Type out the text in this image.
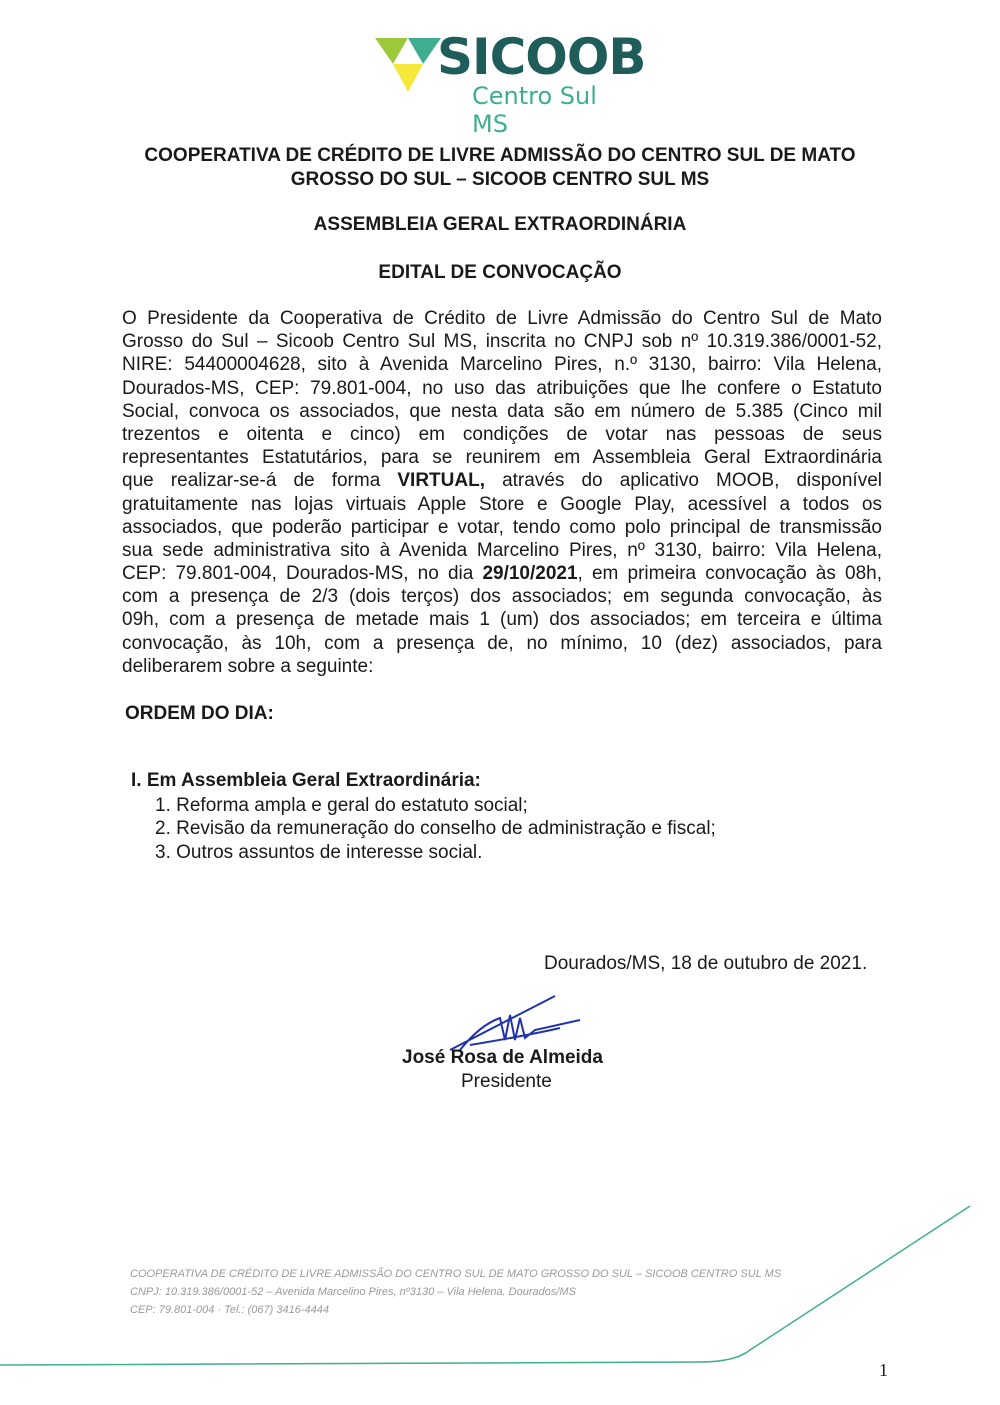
SICOOB
Centro Sul MS
COOPERATIVA DE CRÉDITO DE LIVRE ADMISSÃO DO CENTRO SUL DE MATO
GROSSO DO SUL – SICOOB CENTRO SUL MS
ASSEMBLEIA GERAL EXTRAORDINÁRIA
EDITAL DE CONVOCAÇÃO
O Presidente da Cooperativa de Crédito de Livre Admissão do Centro Sul de Mato
Grosso do Sul – Sicoob Centro Sul MS, inscrita no CNPJ sob nº 10.319.386/0001-52,
NIRE: 54400004628, sito à Avenida Marcelino Pires, n.º 3130, bairro: Vila Helena,
Dourados-MS, CEP: 79.801-004, no uso das atribuições que lhe confere o Estatuto
Social, convoca os associados, que nesta data são em número de 5.385 (Cinco mil
trezentos e oitenta e cinco) em condições de votar nas pessoas de seus
representantes Estatutários, para se reunirem em Assembleia Geral Extraordinária
que realizar-se-á de forma VIRTUAL, através do aplicativo MOOB, disponível
gratuitamente nas lojas virtuais Apple Store e Google Play, acessível a todos os
associados, que poderão participar e votar, tendo como polo principal de transmissão
sua sede administrativa sito à Avenida Marcelino Pires, nº 3130, bairro: Vila Helena,
CEP: 79.801-004, Dourados-MS, no dia 29/10/2021, em primeira convocação às 08h,
com a presença de 2/3 (dois terços) dos associados; em segunda convocação, às
09h, com a presença de metade mais 1 (um) dos associados; em terceira e última
convocação, às 10h, com a presença de, no mínimo, 10 (dez) associados, para
deliberarem sobre a seguinte:
ORDEM DO DIA:
I. Em Assembleia Geral Extraordinária:
1. Reforma ampla e geral do estatuto social;
2. Revisão da remuneração do conselho de administração e fiscal;
3. Outros assuntos de interesse social.
Dourados/MS, 18 de outubro de 2021.
José Rosa de Almeida
Presidente
COOPERATIVA DE CRÉDITO DE LIVRE ADMISSÃO DO CENTRO SUL DE MATO GROSSO DO SUL – SICOOB CENTRO SUL MS
CNPJ: 10.319.386/0001-52 – Avenida Marcelino Pires, nº3130 – Vila Helena. Dourados/MS
CEP: 79.801-004 · Tel.: (067) 3416-4444
1
